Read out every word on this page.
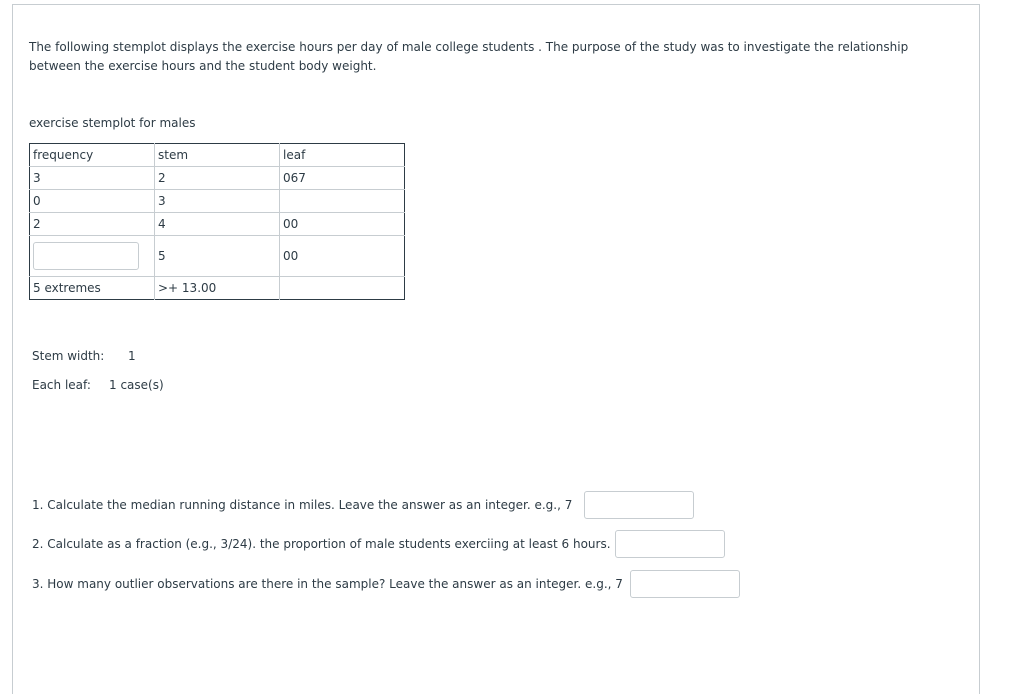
The following stemplot displays the exercise hours per day of male college students . The purpose of the study was to investigate the relationship between the exercise hours and the student body weight.
exercise stemplot for males
frequency	stem	leaf
3	2	067
0	3	
2	4	00
	5	00
5 extremes	>+ 13.00	
Stem width: 1
Each leaf: 1 case(s)
1. Calculate the median running distance in miles. Leave the answer as an integer. e.g., 7
2. Calculate as a fraction (e.g., 3/24). the proportion of male students exerciing at least 6 hours.
3. How many outlier observations are there in the sample? Leave the answer as an integer. e.g., 7
